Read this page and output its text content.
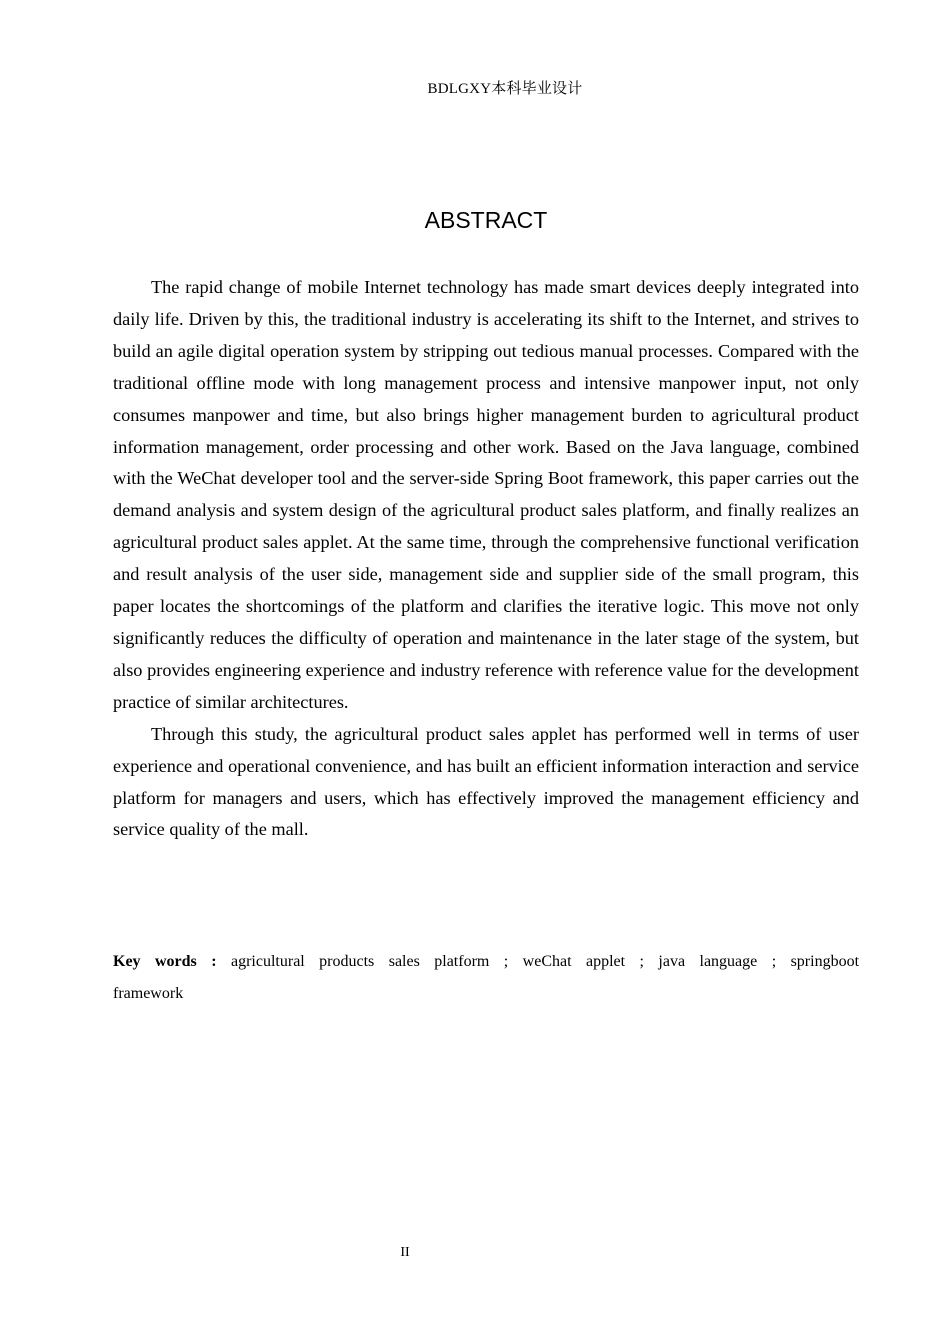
BDLGXY本科毕业设计
ABSTRACT

The rapid change of mobile Internet technology has made smart devices deeply integrated into daily life. Driven by this, the traditional industry is accelerating its shift to the Internet, and strives to build an agile digital operation system by stripping out tedious manual processes. Compared with the traditional offline mode with long management process and intensive manpower input, not only consumes manpower and time, but also brings higher management burden to agricultural product information management, order processing and other work. Based on the Java language, combined with the WeChat developer tool and the server-side Spring Boot framework, this paper carries out the demand analysis and system design of the agricultural product sales platform, and finally realizes an agricultural product sales applet. At the same time, through the comprehensive functional verification and result analysis of the user side, management side and supplier side of the small program, this paper locates the shortcomings of the platform and clarifies the iterative logic. This move not only significantly reduces the difficulty of operation and maintenance in the later stage of the system, but also provides engineering experience and industry reference with reference value for the development practice of similar architectures.

Through this study, the agricultural product sales applet has performed well in terms of user experience and operational convenience, and has built an efficient information interaction and service platform for managers and users, which has effectively improved the management efficiency and service quality of the mall.

Key words : agricultural products sales platform ; weChat applet ; java language ; springboot framework
II
